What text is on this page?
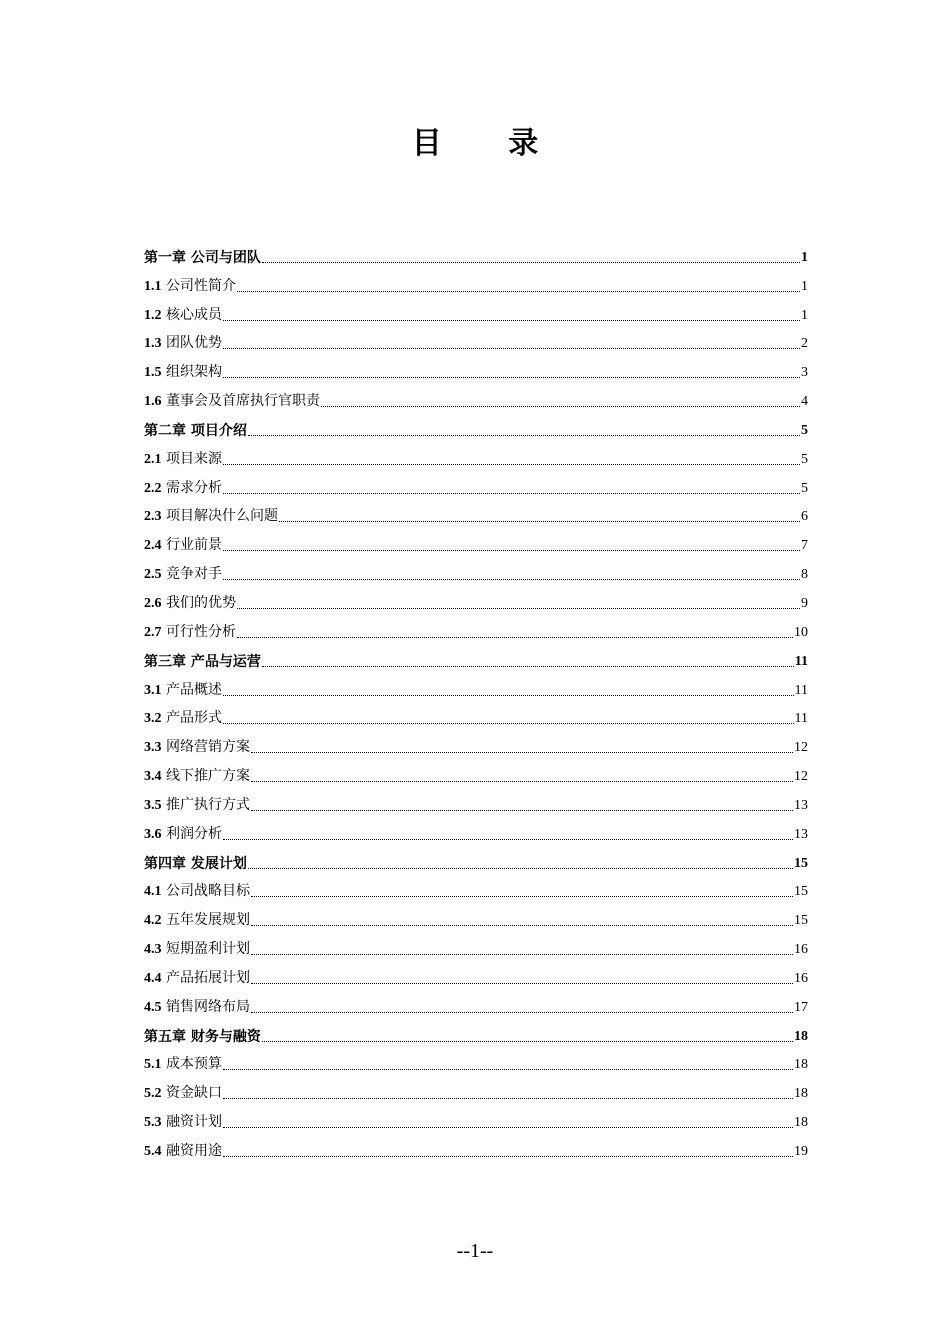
目 录
第一章 公司与团队	1
1.1 公司性简介	1
1.2 核心成员	1
1.3 团队优势	2
1.5 组织架构	3
1.6 董事会及首席执行官职责	4
第二章 项目介绍	5
2.1 项目来源	5
2.2 需求分析	5
2.3 项目解决什么问题	6
2.4 行业前景	7
2.5 竞争对手	8
2.6 我们的优势	9
2.7 可行性分析	10
第三章 产品与运营	11
3.1 产品概述	11
3.2 产品形式	11
3.3 网络营销方案	12
3.4 线下推广方案	12
3.5 推广执行方式	13
3.6 利润分析	13
第四章 发展计划	15
4.1 公司战略目标	15
4.2 五年发展规划	15
4.3 短期盈利计划	16
4.4 产品拓展计划	16
4.5 销售网络布局	17
第五章 财务与融资	18
5.1 成本预算	18
5.2 资金缺口	18
5.3 融资计划	18
5.4 融资用途	19
--1--
